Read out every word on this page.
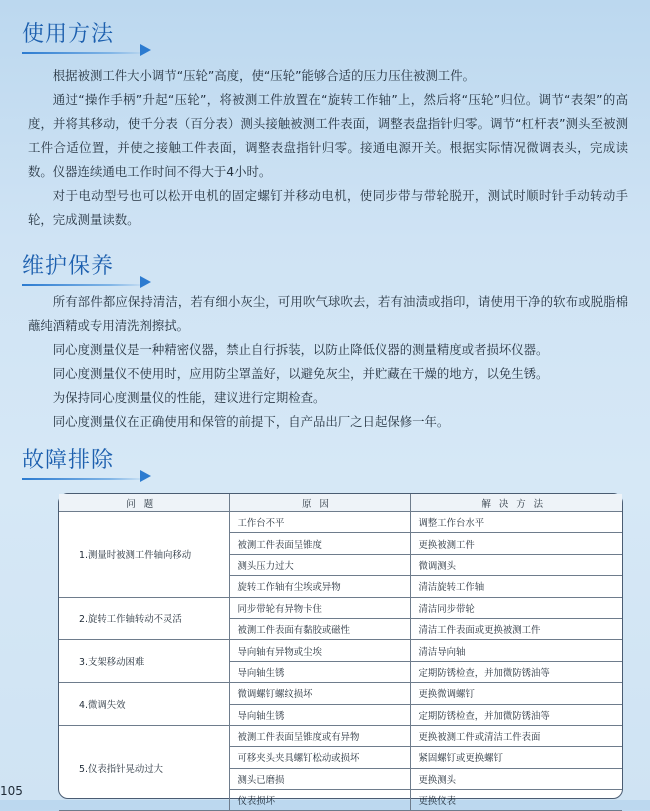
使用方法

根据被测工件大小调节“压轮”高度，使“压轮”能够合适的压力压住被测工件。

通过“操作手柄”升起“压轮”，将被测工件放置在“旋转工作轴”上，然后将“压轮”归位。调节“表架”的高度，并将其移动，使千分表（百分表）测头接触被测工件表面，调整表盘指针归零。调节“杠杆表”测头至被测工件合适位置，并使之接触工件表面，调整表盘指针归零。接通电源开关。根据实际情况微调表头，完成读数。仪器连续通电工作时间不得大于4小时。

对于电动型号也可以松开电机的固定螺钉并移动电机，使同步带与带轮脱开，测试时顺时针手动转动手轮，完成测量读数。

维护保养

所有部件都应保持清洁，若有细小灰尘，可用吹气球吹去，若有油渍或指印，请使用干净的软布或脱脂棉蘸纯酒精或专用清洗剂擦拭。

同心度测量仪是一种精密仪器，禁止自行拆装，以防止降低仪器的测量精度或者损坏仪器。

同心度测量仪不使用时，应用防尘罩盖好，以避免灰尘，并贮藏在干燥的地方，以免生锈。

为保持同心度测量仪的性能，建议进行定期检查。

同心度测量仪在正确使用和保管的前提下，自产品出厂之日起保修一年。

故障排除
问题	原因	解决方法
1.测量时被测工件轴向移动	工作台不平	调整工作台水平
	被测工件表面呈锥度	更换被测工件
	测头压力过大	微调测头
	旋转工作轴有尘埃或异物	清洁旋转工作轴
2.旋转工作轴转动不灵活	同步带轮有异物卡住	清洁同步带轮
	被测工件表面有黏胶或磁性	清洁工件表面或更换被测工件
3.支架移动困难	导向轴有异物或尘埃	清洁导向轴
	导向轴生锈	定期防锈检查，并加微防锈油等
4.微调失效	微调螺钉螺纹损坏	更换微调螺钉
	导向轴生锈	定期防锈检查，并加微防锈油等
5.仪表指针晃动过大	被测工件表面呈锥度或有异物	更换被测工件或清洁工件表面
	可移夹头夹具螺钉松动或损坏	紧固螺钉或更换螺钉
	测头已磨损	更换测头
	仪表损坏	更换仪表
105
